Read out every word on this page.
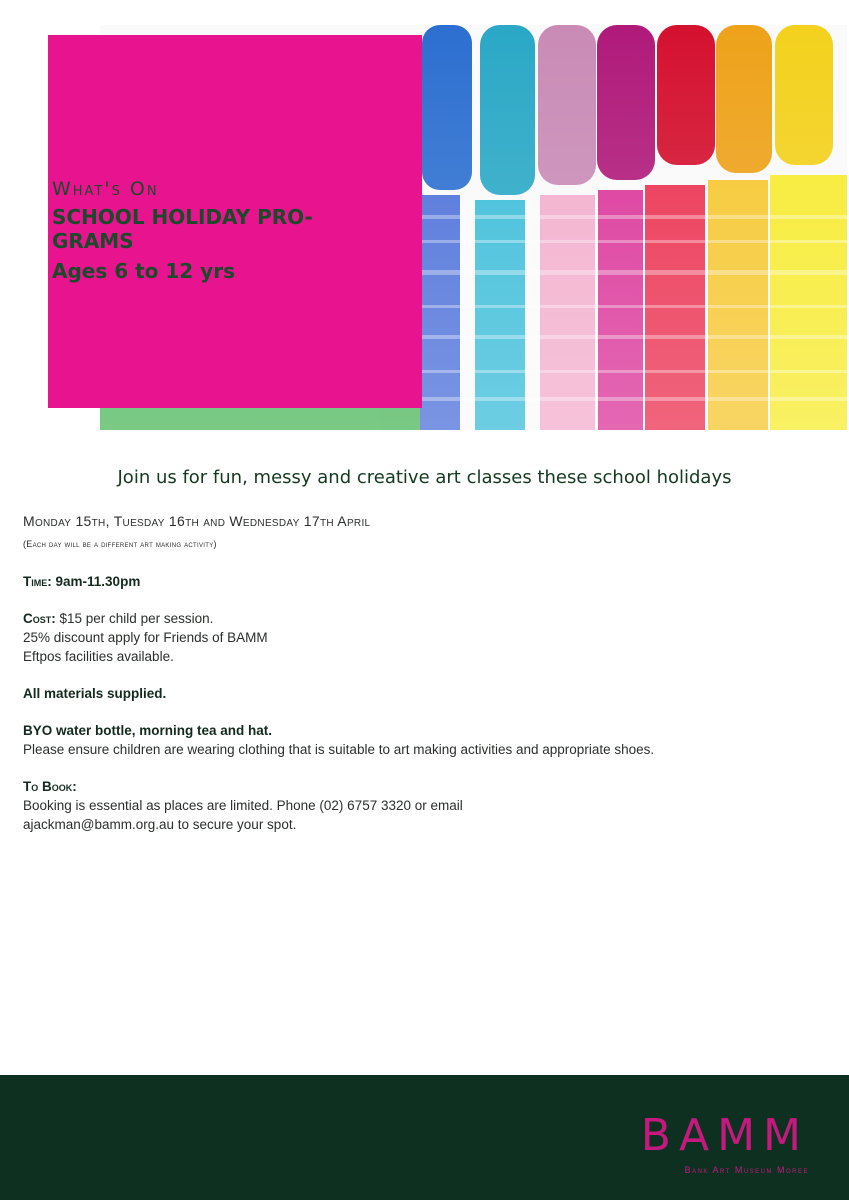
What's On
SCHOOL HOLIDAY PRO-
GRAMS
Ages 6 to 12 yrs
Join us for fun, messy and creative art classes these school holidays
Monday 15th, Tuesday 16th and Wednesday 17th April
(Each day will be a different art making activity)
Time: 9am-11.30pm
Cost: $15 per child per session.
25% discount apply for Friends of BAMM
Eftpos facilities available.
All materials supplied.
BYO water bottle, morning tea and hat.
Please ensure children are wearing clothing that is suitable to art making activities and appropriate shoes.
To Book:
Booking is essential as places are limited. Phone (02) 6757 3320 or email
ajackman@bamm.org.au to secure your spot.
BAMM
Bank Art Museum Moree
